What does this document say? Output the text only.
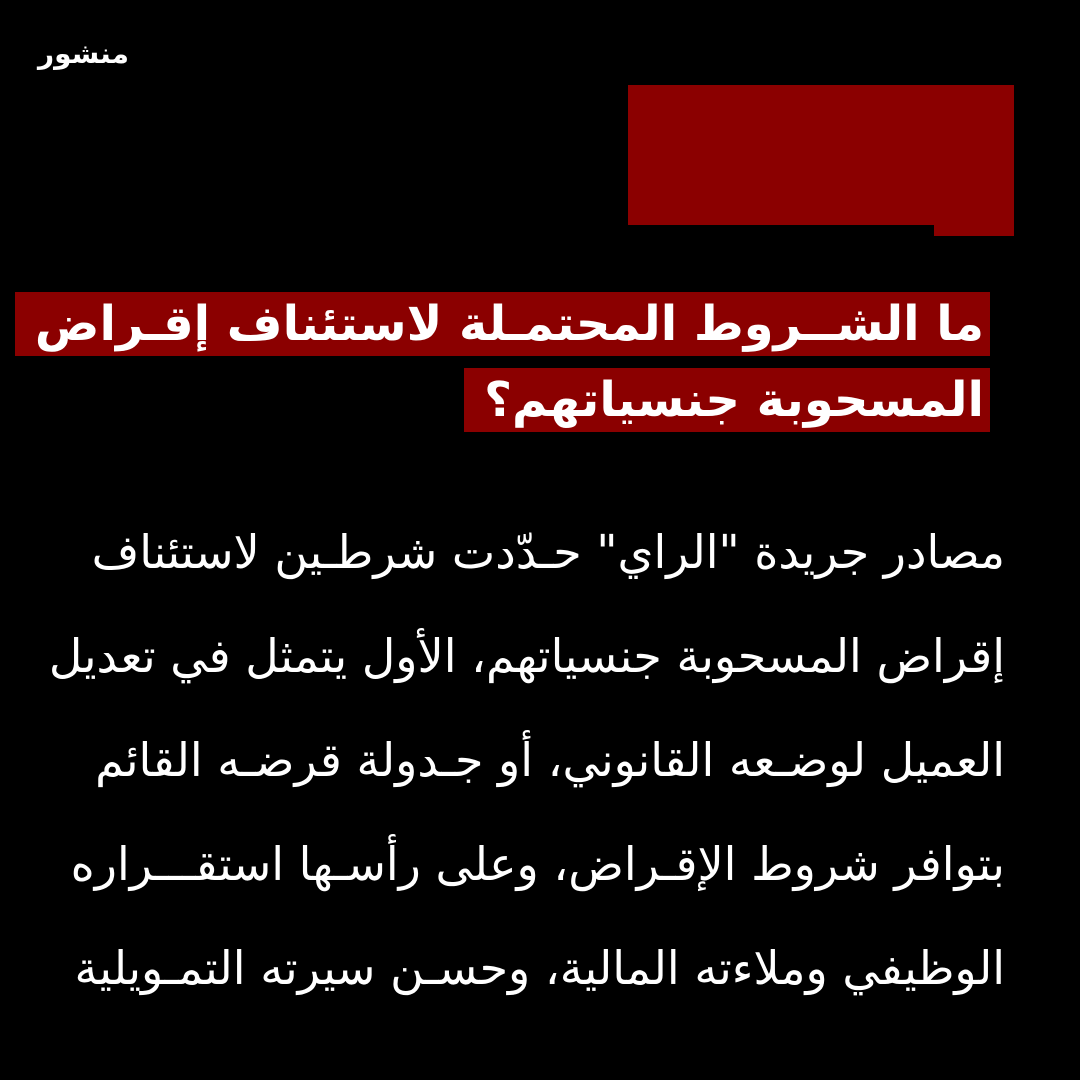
منشور
ما الشــروط المحتمـلة لاستئناف إقـراض
المسحوبة جنسياتهم؟
مصادر جريدة "الراي" حـدّدت شرطـين لاستئناف
إقراض المسحوبة جنسياتهم، الأول يتمثل في تعديل
العميل لوضـعه القانوني، أو جـدولة قرضـه القائم
بتوافر شروط الإقـراض، وعلى رأسـها استقـــراره
الوظيفي وملاءته المالية، وحسـن سيرته التمـويلية
